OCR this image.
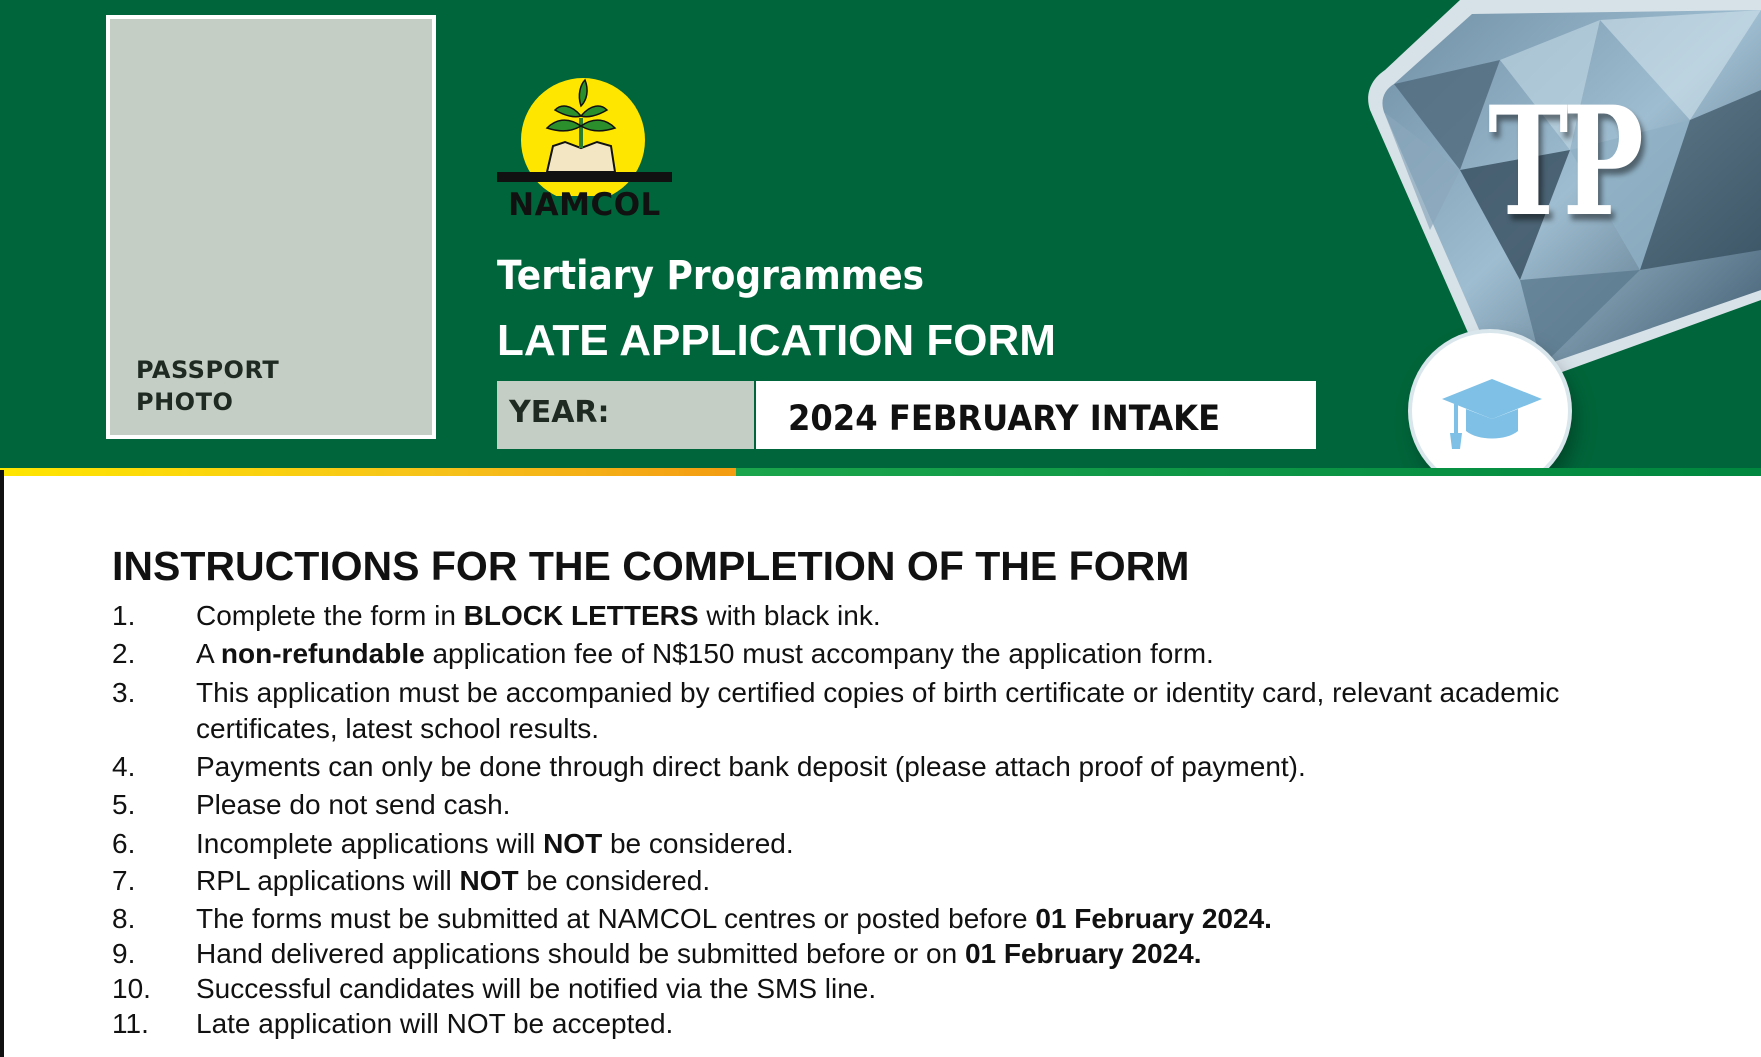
PASSPORT
PHOTO
NAMCOL
Tertiary Programmes
LATE APPLICATION FORM
YEAR:	2024 FEBRUARY INTAKE
TP
INSTRUCTIONS FOR THE COMPLETION OF THE FORM
1. Complete the form in BLOCK LETTERS with black ink.
2. A non-refundable application fee of N$150 must accompany the application form.
3. This application must be accompanied by certified copies of birth certificate or identity card, relevant academic certificates, latest school results.
4. Payments can only be done through direct bank deposit (please attach proof of payment).
5. Please do not send cash.
6. Incomplete applications will NOT be considered.
7. RPL applications will NOT be considered.
8. The forms must be submitted at NAMCOL centres or posted before 01 February 2024.
9. Hand delivered applications should be submitted before or on 01 February 2024.
10. Successful candidates will be notified via the SMS line.
11. Late application will NOT be accepted.
